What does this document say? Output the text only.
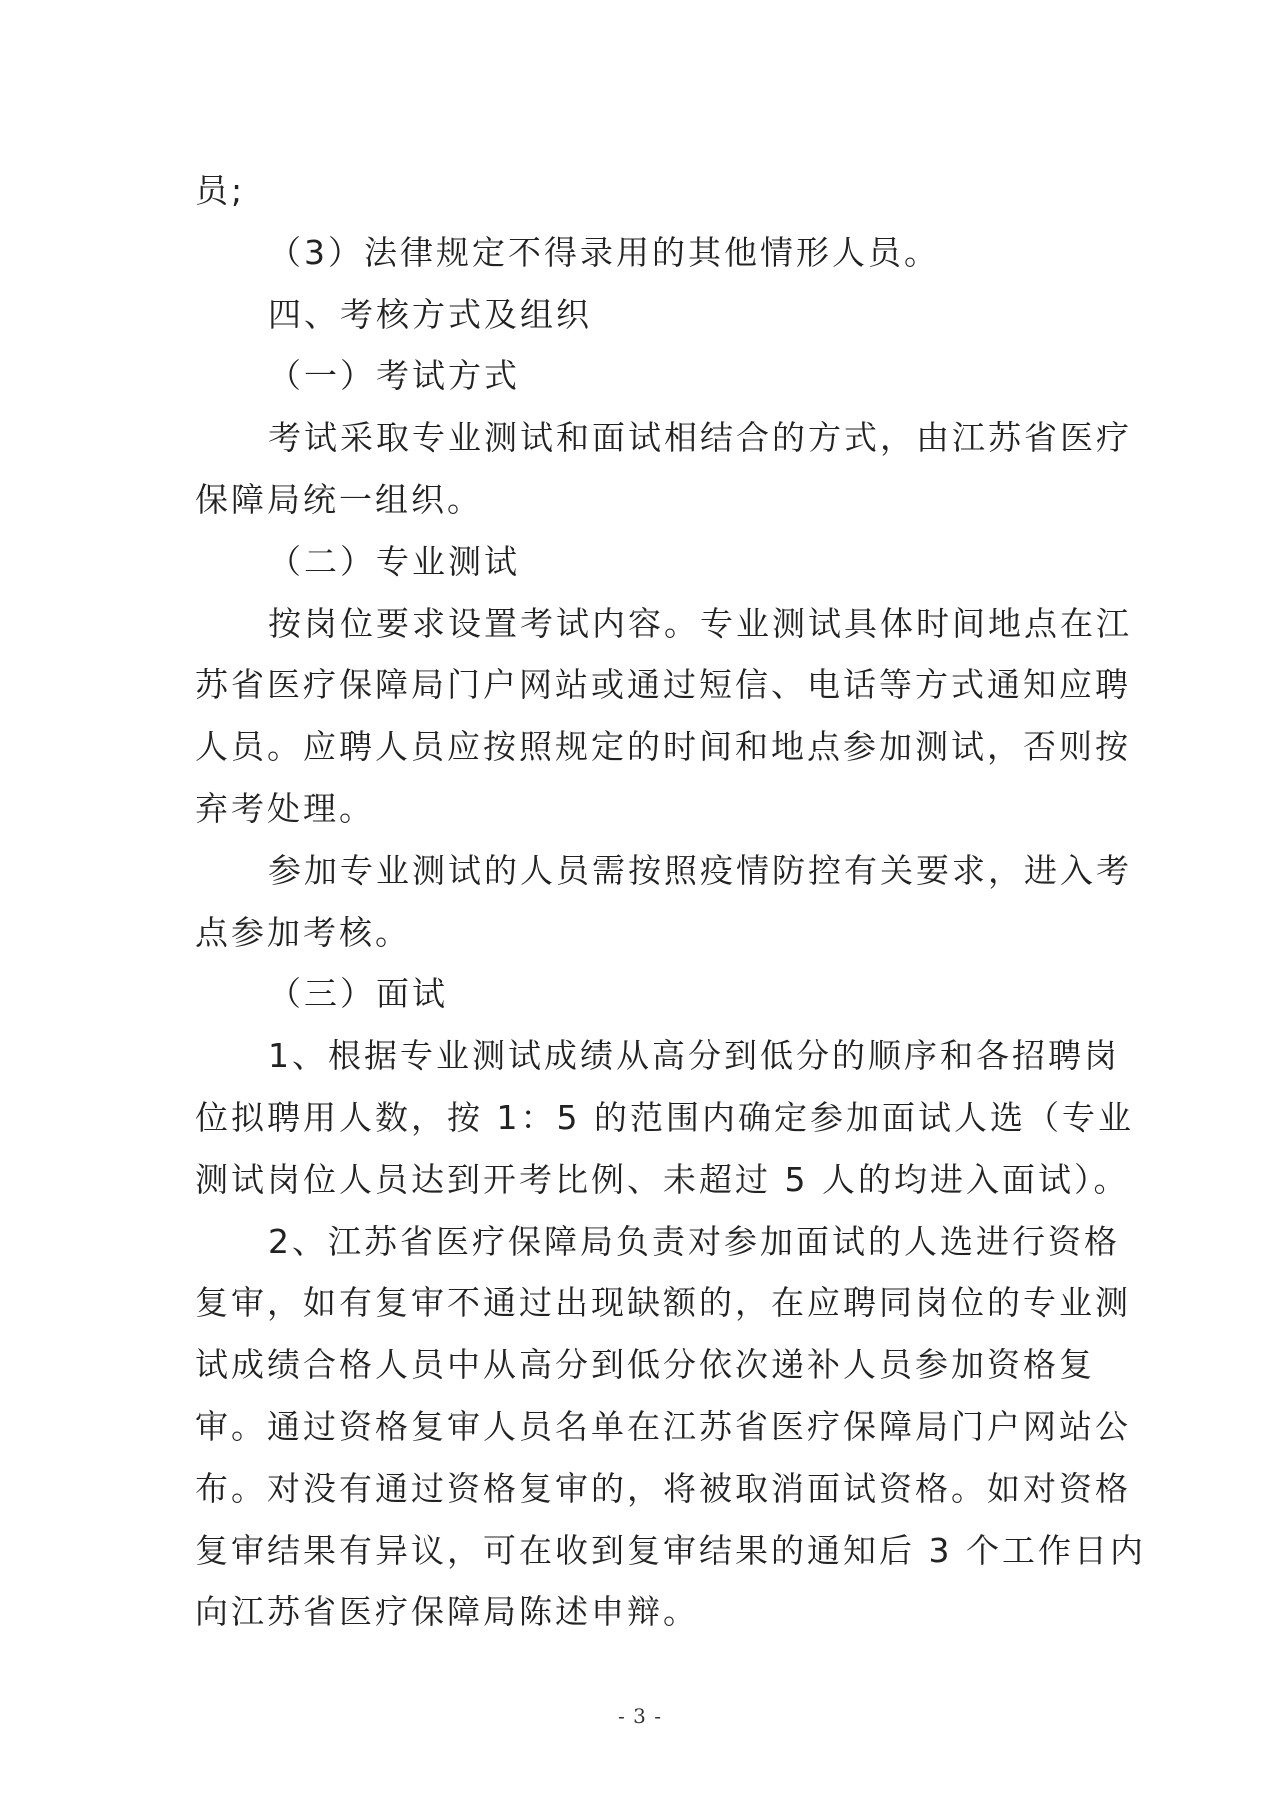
员;
（3）法律规定不得录用的其他情形人员。
四、考核方式及组织
（一）考试方式
考试采取专业测试和面试相结合的方式，由江苏省医疗
保障局统一组织。
（二）专业测试
按岗位要求设置考试内容。专业测试具体时间地点在江
苏省医疗保障局门户网站或通过短信、电话等方式通知应聘
人员。应聘人员应按照规定的时间和地点参加测试，否则按
弃考处理。
参加专业测试的人员需按照疫情防控有关要求，进入考
点参加考核。
（三）面试
1、根据专业测试成绩从高分到低分的顺序和各招聘岗
位拟聘用人数，按 1：5 的范围内确定参加面试人选（专业
测试岗位人员达到开考比例、未超过 5 人的均进入面试）。
2、江苏省医疗保障局负责对参加面试的人选进行资格
复审，如有复审不通过出现缺额的，在应聘同岗位的专业测
试成绩合格人员中从高分到低分依次递补人员参加资格复
审。通过资格复审人员名单在江苏省医疗保障局门户网站公
布。对没有通过资格复审的，将被取消面试资格。如对资格
复审结果有异议，可在收到复审结果的通知后 3 个工作日内
向江苏省医疗保障局陈述申辩。
- 3 -
